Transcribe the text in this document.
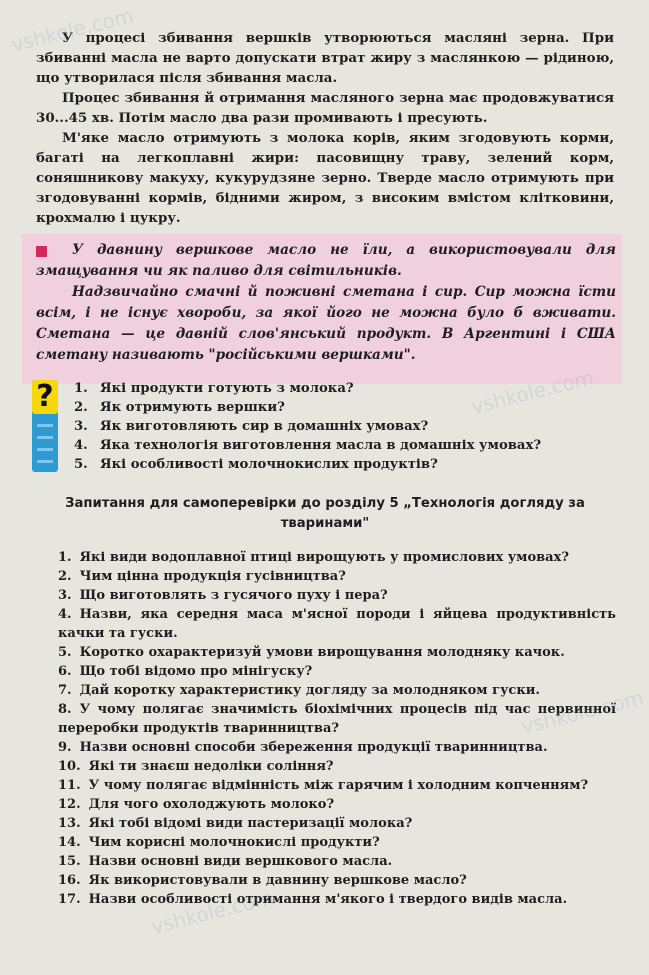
У процесі збивання вершків утворюються масляні зерна. При збиванні масла не варто допускати втрат жиру з маслянкою — рідиною, що утворилася після збивання масла.

Процес збивання й отримання масляного зерна має продовжуватися 30...45 хв. Потім масло два рази промивають і пресують.

М'яке масло отримують з молока корів, яким згодовують корми, багаті на легкоплавні жири: пасовищну траву, зелений корм, соняшникову макуху, кукурудзяне зерно. Тверде масло отримують при згодовуванні кормів, бідними жиром, з високим вмістом клітковини, крохмалю і цукру.

У давнину вершкове масло не їли, а використовували для змащування чи як паливо для світильників.

Надзвичайно смачні й поживні сметана і сир. Сир можна їсти всім, і не існує хвороби, за якої його не можна було б вживати. Сметана — це давній слов'янський продукт. В Аргентині і США сметану називають "російськими вершками".

?	1. Які продукти готують з молока?
2. Як отримують вершки?
3. Як виготовляють сир в домашніх умовах?
4. Яка технологія виготовлення масла в домашніх умовах?
5. Які особливості молочнокислих продуктів?

Запитання для самоперевірки до розділу 5 „Технологія догляду за тваринами"

1. Які види водоплавної птиці вирощують у промислових умовах?
2. Чим цінна продукція гусівництва?
3. Що виготовлять з гусячого пуху і пера?
4. Назви, яка середня маса м'ясної породи і яйцева продуктивність качки та гуски.
5. Коротко охарактеризуй умови вирощування молодняку качок.
6. Що тобі відомо про мінігуску?
7. Дай коротку характеристику догляду за молодняком гуски.
8. У чому полягає значимість біохімічних процесів під час первинної переробки продуктів тваринництва?
9. Назви основні способи збереження продукції тваринництва.
10. Які ти знаєш недоліки соління?
11. У чому полягає відмінність між гарячим і холодним копченням?
12. Для чого охолоджують молоко?
13. Які тобі відомі види пастеризації молока?
14. Чим корисні молочнокислі продукти?
15. Назви основні види вершкового масла.
16. Як використовували в давнину вершкове масло?
17. Назви особливості отримання м'якого і твердого видів масла.
vshkole.com
vshkole.com
vshkole.com
vshkole.com
